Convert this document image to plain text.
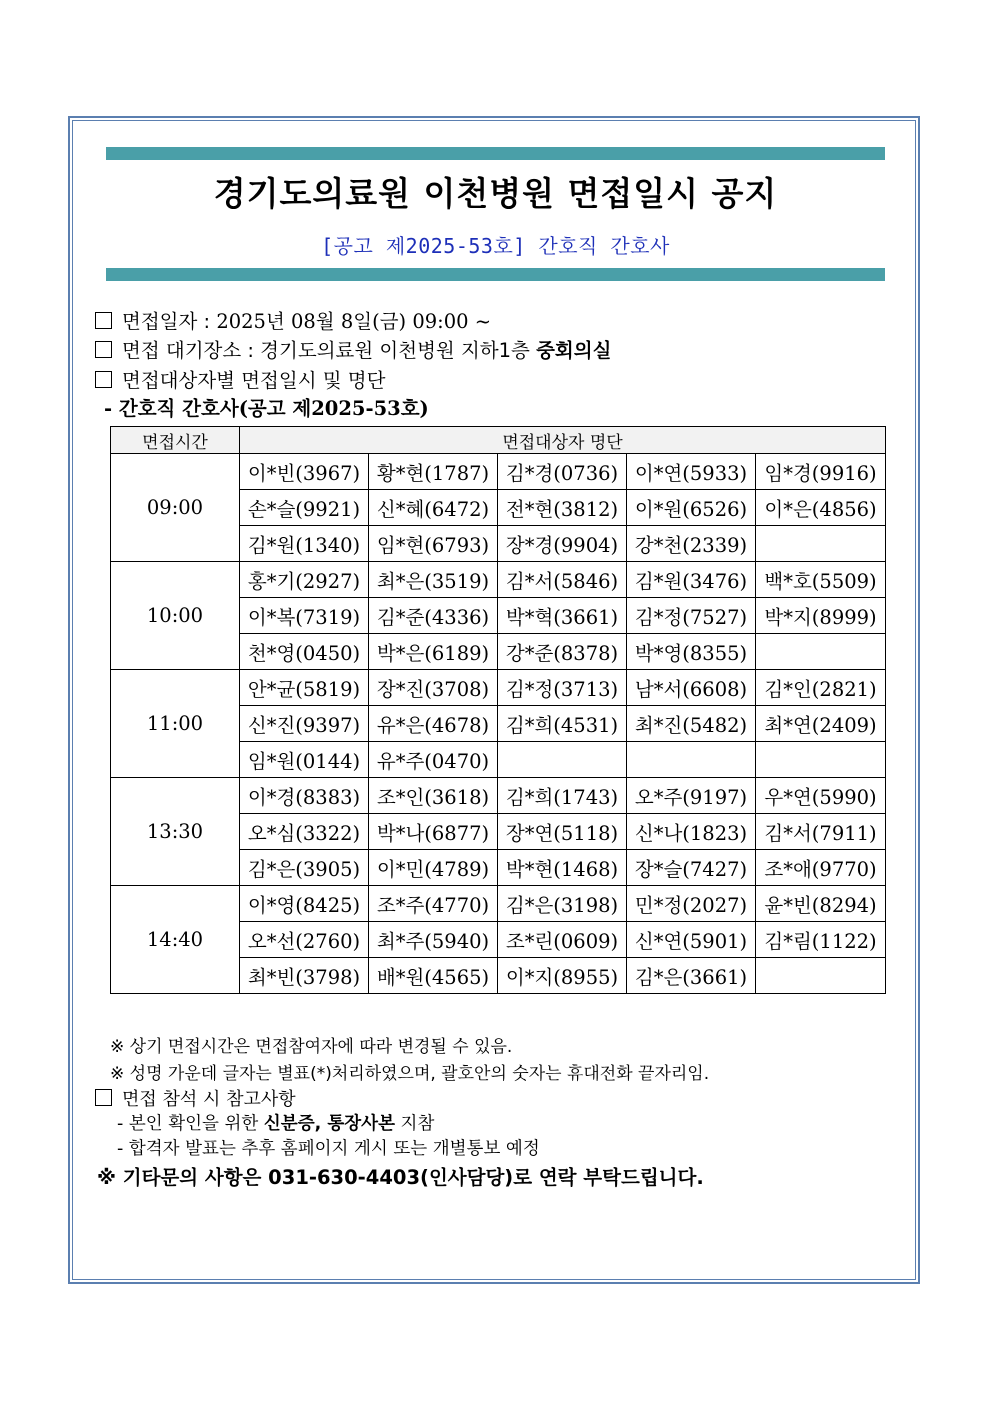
경기도의료원 이천병원 면접일시 공지
[공고 제2025-53호] 간호직 간호사
면접일자 : 2025년 08월 8일(금) 09:00 ~
면접 대기장소 : 경기도의료원 이천병원 지하1층 중회의실
면접대상자별 면접일시 및 명단
- 간호직 간호사(공고 제2025-53호)
면접시간	면접대상자 명단				
09:00	이*빈(3967)	황*현(1787)	김*경(0736)	이*연(5933)	임*경(9916)
	손*슬(9921)	신*혜(6472)	전*현(3812)	이*원(6526)	이*은(4856)
	김*원(1340)	임*현(6793)	장*경(9904)	강*천(2339)	
10:00	홍*기(2927)	최*은(3519)	김*서(5846)	김*원(3476)	백*호(5509)
	이*복(7319)	김*준(4336)	박*혁(3661)	김*정(7527)	박*지(8999)
	천*영(0450)	박*은(6189)	강*준(8378)	박*영(8355)	
11:00	안*균(5819)	장*진(3708)	김*정(3713)	남*서(6608)	김*인(2821)
	신*진(9397)	유*은(4678)	김*희(4531)	최*진(5482)	최*연(2409)
	임*원(0144)	유*주(0470)			
13:30	이*경(8383)	조*인(3618)	김*희(1743)	오*주(9197)	우*연(5990)
	오*심(3322)	박*나(6877)	장*연(5118)	신*나(1823)	김*서(7911)
	김*은(3905)	이*민(4789)	박*현(1468)	장*슬(7427)	조*애(9770)
14:40	이*영(8425)	조*주(4770)	김*은(3198)	민*정(2027)	윤*빈(8294)
	오*선(2760)	최*주(5940)	조*린(0609)	신*연(5901)	김*림(1122)
	최*빈(3798)	배*원(4565)	이*지(8955)	김*은(3661)	
※ 상기 면접시간은 면접참여자에 따라 변경될 수 있음.
※ 성명 가운데 글자는 별표(*)처리하였으며, 괄호안의 숫자는 휴대전화 끝자리임.
면접 참석 시 참고사항
- 본인 확인을 위한 신분증, 통장사본 지참
- 합격자 발표는 추후 홈페이지 게시 또는 개별통보 예정
※ 기타문의 사항은 031-630-4403(인사담당)로 연락 부탁드립니다.
